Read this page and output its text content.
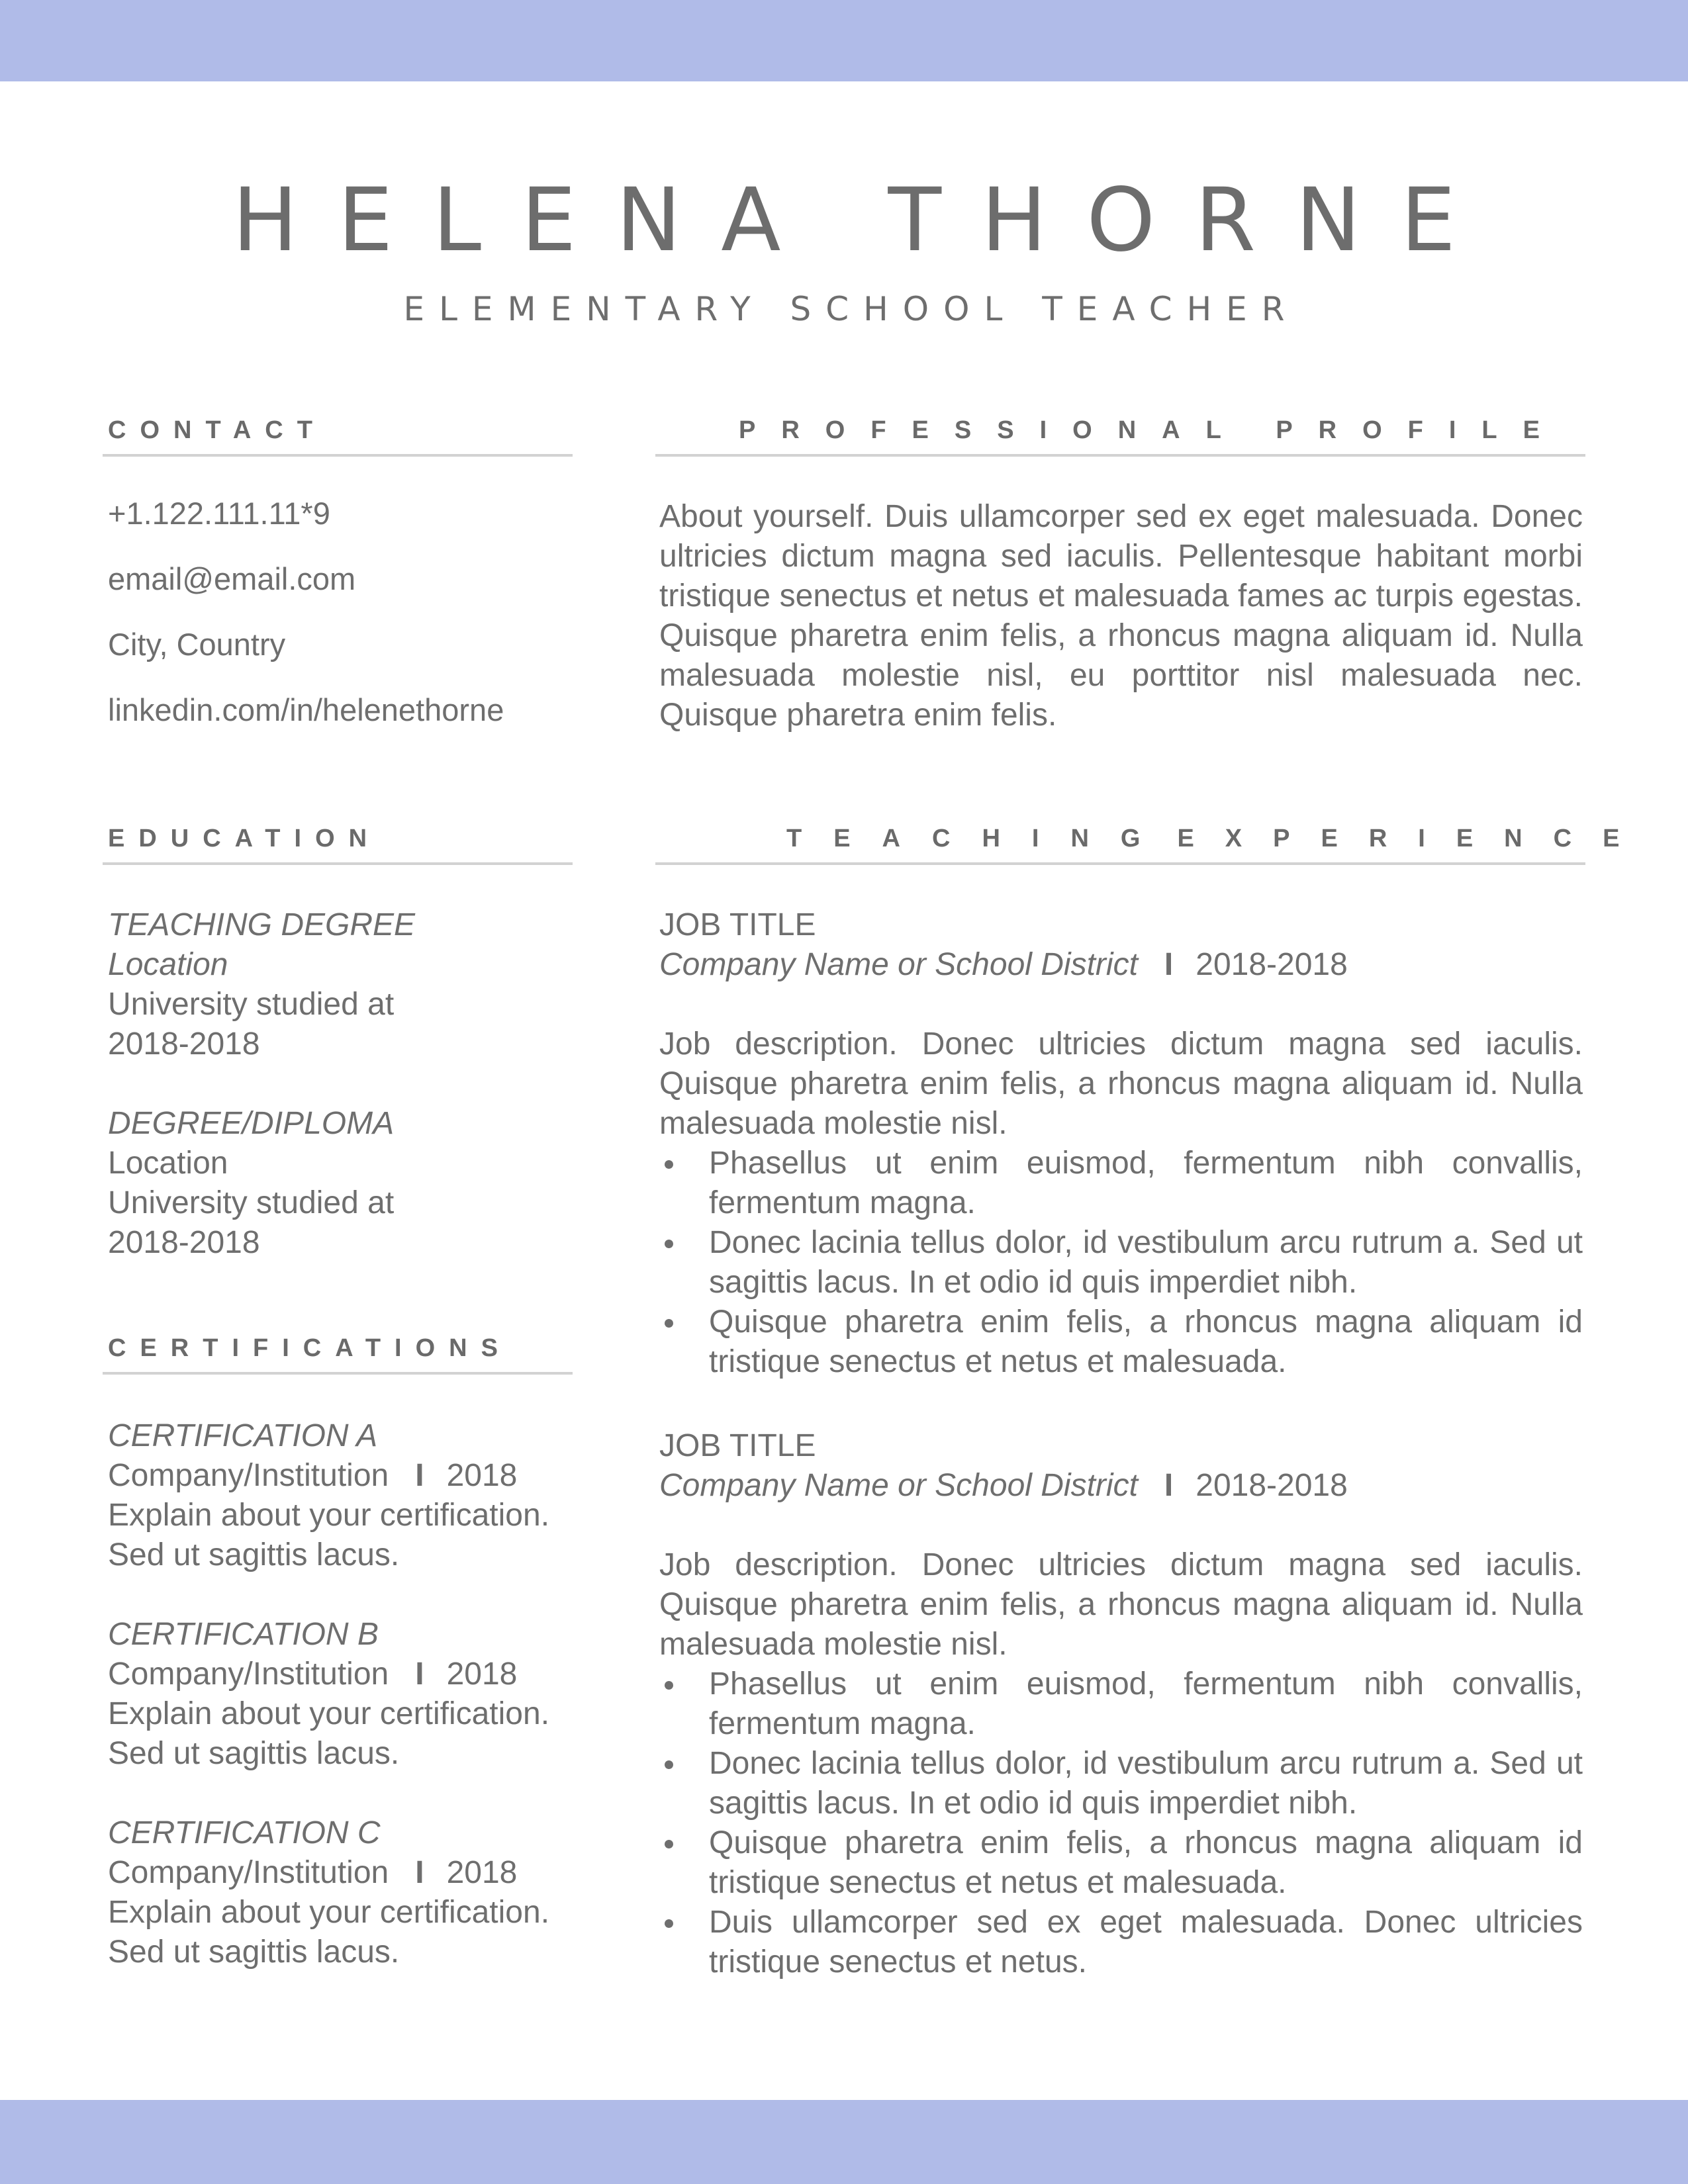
HELENA THORNE
ELEMENTARY SCHOOL TEACHER
CONTACT
+1.122.111.11*9
email@email.com
City, Country
linkedin.com/in/helenethorne
EDUCATION
TEACHING DEGREE
Location
University studied at
2018-2018
DEGREE/DIPLOMA
Location
University studied at
2018-2018
CERTIFICATIONS
CERTIFICATION A
Company/Institution I 2018
Explain about your certification.
Sed ut sagittis lacus.
CERTIFICATION B
Company/Institution I 2018
Explain about your certification.
Sed ut sagittis lacus.
CERTIFICATION C
Company/Institution I 2018
Explain about your certification.
Sed ut sagittis lacus.
PROFESSIONAL PROFILE
About yourself. Duis ullamcorper sed ex eget malesuada. Donec ultricies dictum magna sed iaculis. Pellentesque habitant morbi tristique senectus et netus et malesuada fames ac turpis egestas. Quisque pharetra enim felis, a rhoncus magna aliquam id. Nulla malesuada molestie nisl, eu porttitor nisl malesuada nec. Quisque pharetra enim felis.
TEACHING EXPERIENCE
JOB TITLE
Company Name or School District I 2018-2018
Job description. Donec ultricies dictum magna sed iaculis. Quisque pharetra enim felis, a rhoncus magna aliquam id. Nulla malesuada molestie nisl.
Phasellus ut enim euismod, fermentum nibh convallis, fermentum magna.
Donec lacinia tellus dolor, id vestibulum arcu rutrum a. Sed ut sagittis lacus. In et odio id quis imperdiet nibh.
Quisque pharetra enim felis, a rhoncus magna aliquam id tristique senectus et netus et malesuada.
JOB TITLE
Company Name or School District I 2018-2018
Job description. Donec ultricies dictum magna sed iaculis. Quisque pharetra enim felis, a rhoncus magna aliquam id. Nulla malesuada molestie nisl.
Phasellus ut enim euismod, fermentum nibh convallis, fermentum magna.
Donec lacinia tellus dolor, id vestibulum arcu rutrum a. Sed ut sagittis lacus. In et odio id quis imperdiet nibh.
Quisque pharetra enim felis, a rhoncus magna aliquam id tristique senectus et netus et malesuada.
Duis ullamcorper sed ex eget malesuada. Donec ultricies tristique senectus et netus.
